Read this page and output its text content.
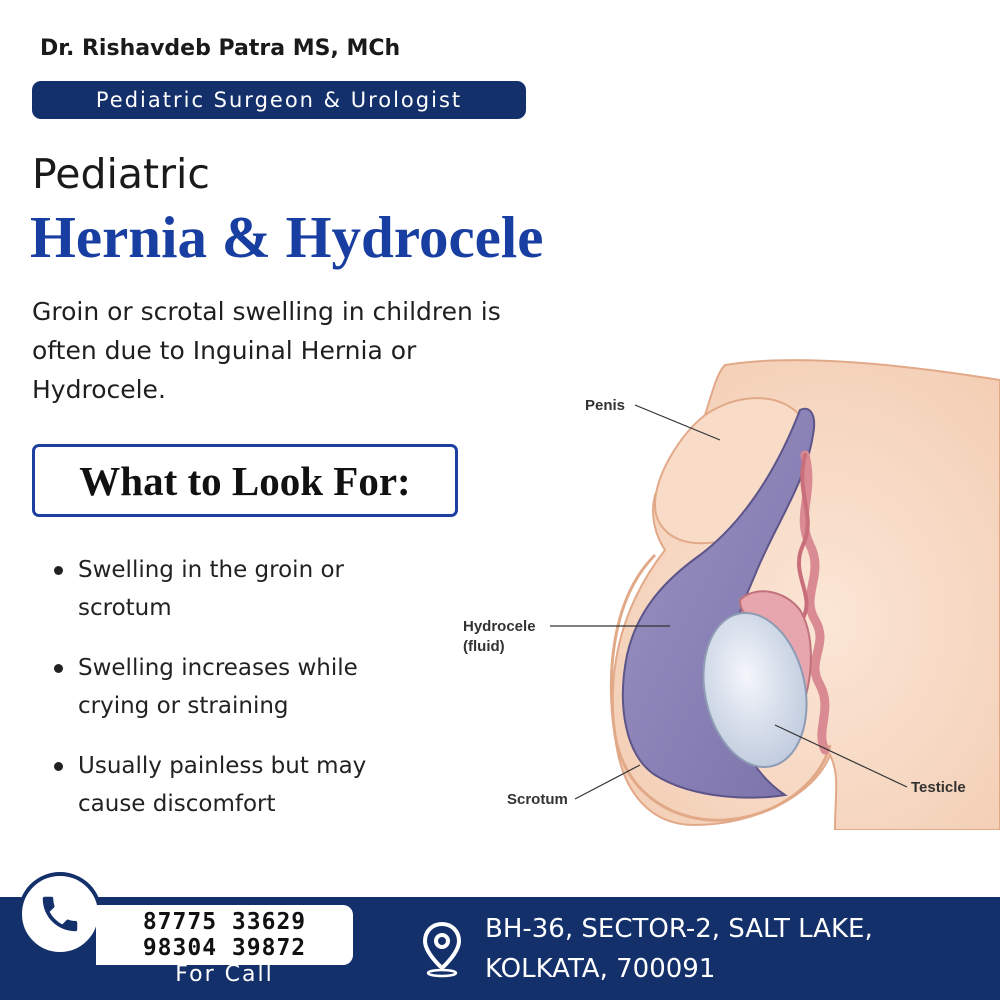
Dr. Rishavdeb Patra MS, MCh
Pediatric Surgeon & Urologist
Pediatric
Hernia & Hydrocele
Groin or scrotal swelling in children is
often due to Inguinal Hernia or
Hydrocele.
What to Look For:
Swelling in the groin or
scrotum
Swelling increases while
crying or straining
Usually painless but may
cause discomfort
Penis
Hydrocele
(fluid)
Scrotum
Testicle
87775 33629
98304 39872
For Call
BH-36, SECTOR-2, SALT LAKE,
KOLKATA, 700091
